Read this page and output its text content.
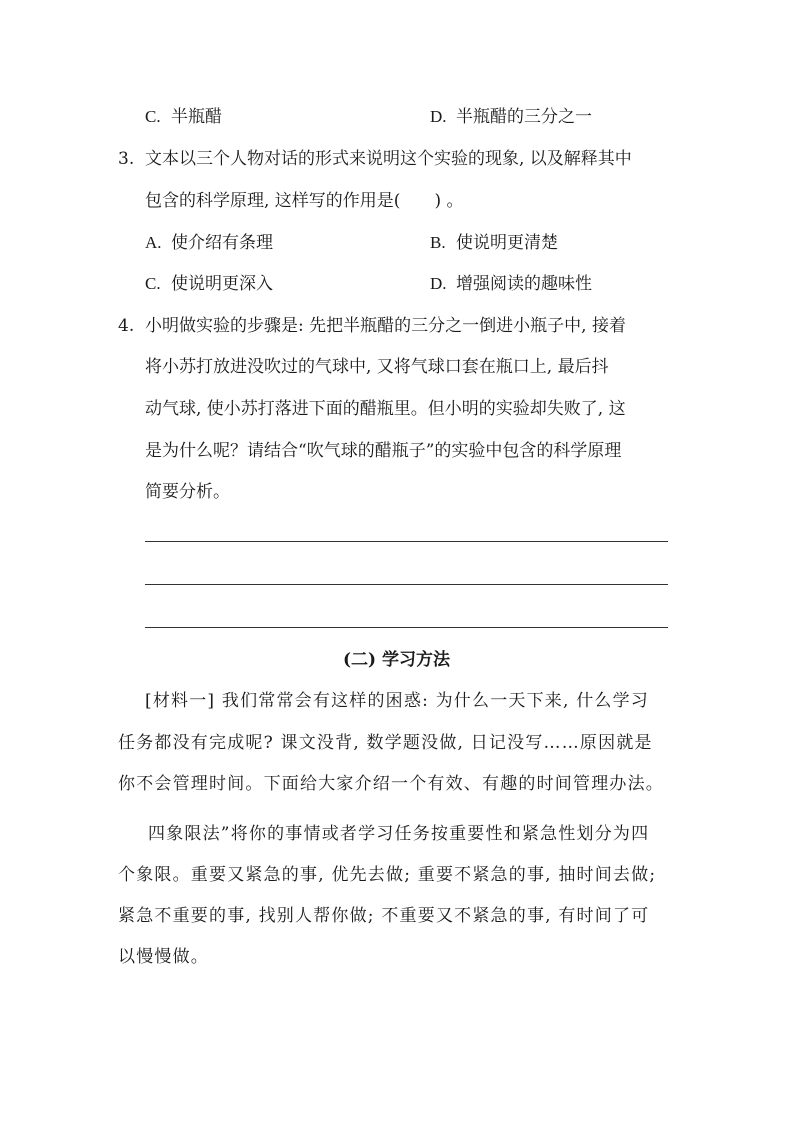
C. 半瓶醋	D. 半瓶醋的三分之一
3. 文本以三个人物对话的形式来说明这个实验的现象, 以及解释其中
包含的科学原理, 这样写的作用是(　　) 。
A. 使介绍有条理	B. 使说明更清楚
C. 使说明更深入	D. 增强阅读的趣味性
4. 小明做实验的步骤是: 先把半瓶醋的三分之一倒进小瓶子中, 接着
将小苏打放进没吹过的气球中, 又将气球口套在瓶口上, 最后抖
动气球, 使小苏打落进下面的醋瓶里。但小明的实验却失败了, 这
是为什么呢？请结合“吹气球的醋瓶子”的实验中包含的科学原理
简要分析。
(二) 学习方法
[材料一] 我们常常会有这样的困惑: 为什么一天下来, 什么学习
任务都没有完成呢? 课文没背, 数学题没做, 日记没写……原因就是
你不会管理时间。下面给大家介绍一个有效、有趣的时间管理办法。
四象限法”将你的事情或者学习任务按重要性和紧急性划分为四
个象限。重要又紧急的事, 优先去做; 重要不紧急的事, 抽时间去做;
紧急不重要的事, 找别人帮你做; 不重要又不紧急的事, 有时间了可
以慢慢做。
